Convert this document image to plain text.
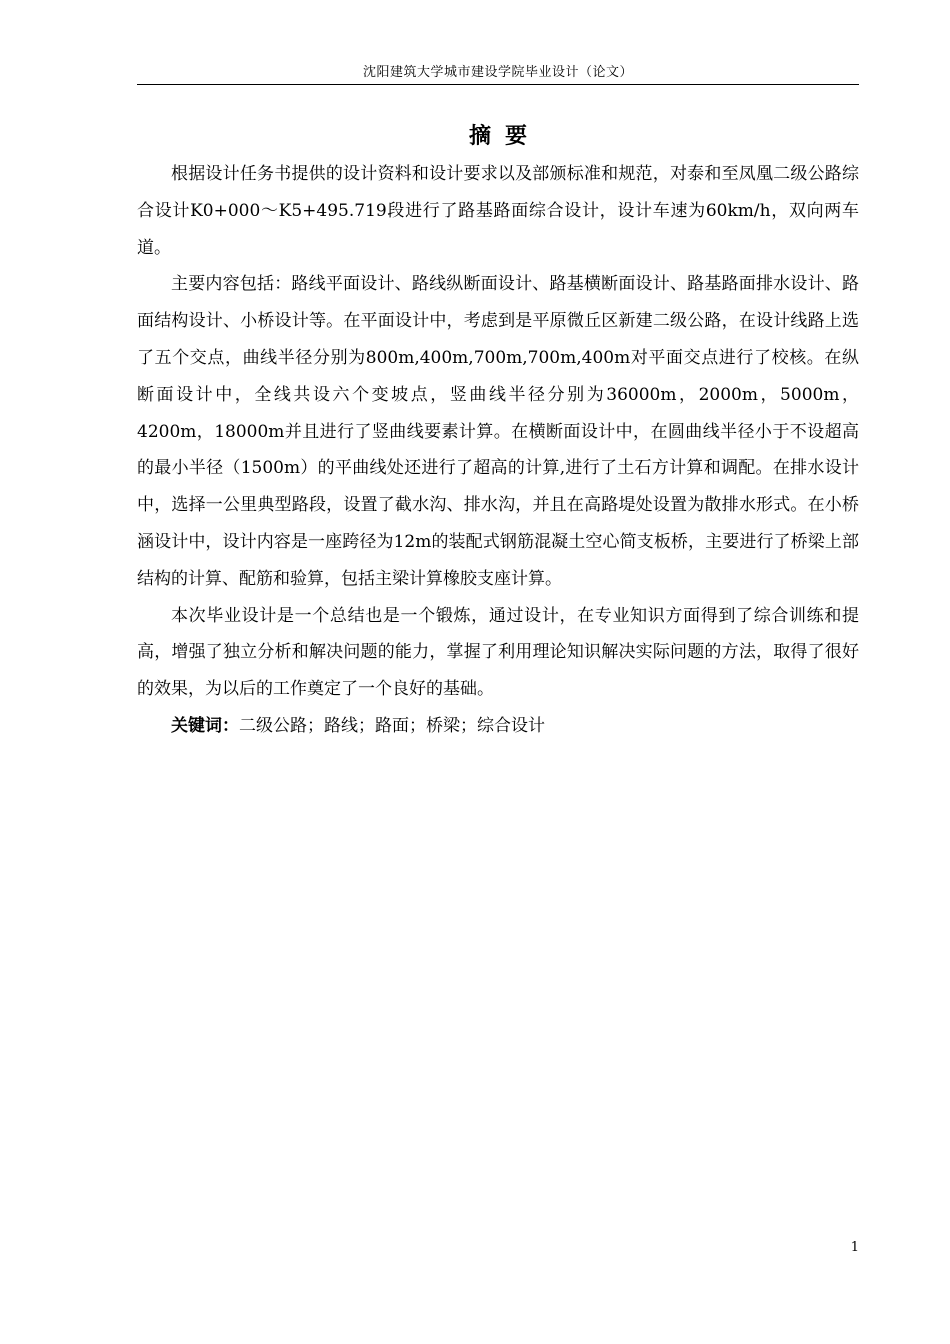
沈阳建筑大学城市建设学院毕业设计（论文）
摘要

根据设计任务书提供的设计资料和设计要求以及部颁标准和规范，对泰和至凤凰二级公路综合设计K0+000～K5+495.719段进行了路基路面综合设计，设计车速为60km/h，双向两车道。

主要内容包括：路线平面设计、路线纵断面设计、路基横断面设计、路基路面排水设计、路面结构设计、小桥设计等。在平面设计中，考虑到是平原微丘区新建二级公路，在设计线路上选了五个交点，曲线半径分别为800m,400m,700m,700m,400m对平面交点进行了校核。在纵断面设计中，全线共设六个变坡点，竖曲线半径分别为36000m，2000m，5000m，4200m，18000m并且进行了竖曲线要素计算。在横断面设计中，在圆曲线半径小于不设超高的最小半径（1500m）的平曲线处还进行了超高的计算,进行了土石方计算和调配。在排水设计中，选择一公里典型路段，设置了截水沟、排水沟，并且在高路堤处设置为散排水形式。在小桥涵设计中，设计内容是一座跨径为12m的装配式钢筋混凝土空心简支板桥，主要进行了桥梁上部结构的计算、配筋和验算，包括主梁计算橡胶支座计算。

本次毕业设计是一个总结也是一个锻炼，通过设计，在专业知识方面得到了综合训练和提高，增强了独立分析和解决问题的能力，掌握了利用理论知识解决实际问题的方法，取得了很好的效果，为以后的工作奠定了一个良好的基础。

关键词：二级公路；路线；路面；桥梁；综合设计

1
